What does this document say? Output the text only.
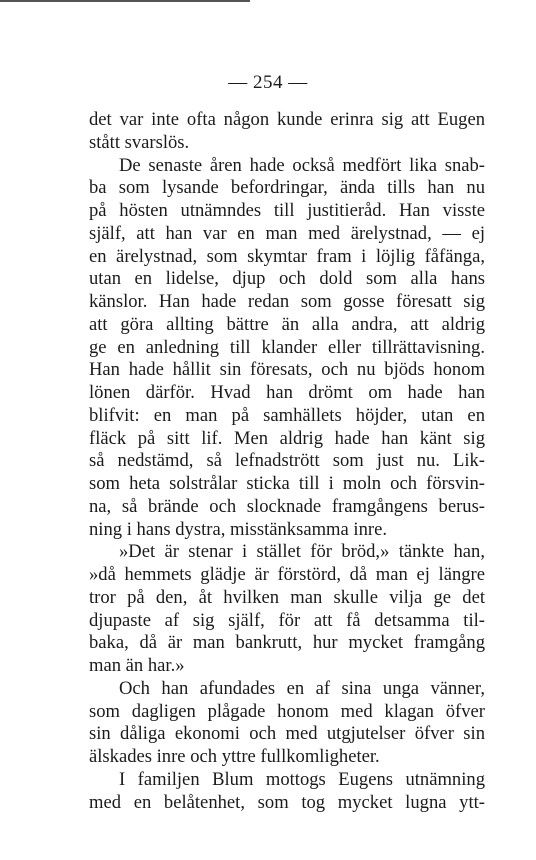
— 254 —
det var inte ofta någon kunde erinra sig att Eugen
stått svarslös.
De senaste åren hade också medfört lika snab-
ba som lysande befordringar, ända tills han nu
på hösten utnämndes till justitieråd. Han visste
själf, att han var en man med ärelystnad, — ej
en ärelystnad, som skymtar fram i löjlig fåfänga,
utan en lidelse, djup och dold som alla hans
känslor. Han hade redan som gosse föresatt sig
att göra allting bättre än alla andra, att aldrig
ge en anledning till klander eller tillrättavisning.
Han hade hållit sin föresats, och nu bjöds honom
lönen därför. Hvad han drömt om hade han
blifvit: en man på samhällets höjder, utan en
fläck på sitt lif. Men aldrig hade han känt sig
så nedstämd, så lefnadstrött som just nu. Lik-
som heta solstrålar sticka till i moln och försvin-
na, så brände och slocknade framgångens berus-
ning i hans dystra, misstänksamma inre.
»Det är stenar i stället för bröd,» tänkte han,
»då hemmets glädje är förstörd, då man ej längre
tror på den, åt hvilken man skulle vilja ge det
djupaste af sig själf, för att få detsamma til-
baka, då är man bankrutt, hur mycket framgång
man än har.»
Och han afundades en af sina unga vänner,
som dagligen plågade honom med klagan öfver
sin dåliga ekonomi och med utgjutelser öfver sin
älskades inre och yttre fullkomligheter.
I familjen Blum mottogs Eugens utnämning
med en belåtenhet, som tog mycket lugna ytt-
